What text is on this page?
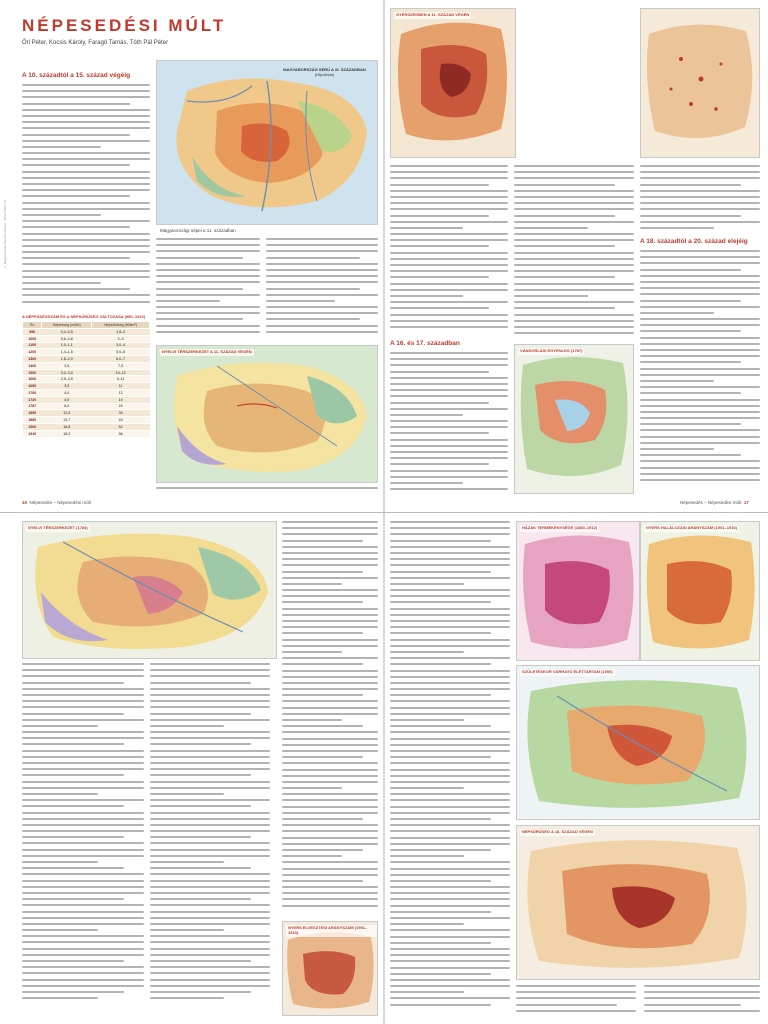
NÉPESEDÉSI MÚLT
Őri Péter, Kocsis Károly, Faragó Tamás, Tóth Pál Péter
A 10. századtól a 15. század végéig
MAGYARORSZÁG SÉRÜ A XI. SZÁZADBAN
(Hipotézis)
Magyarországi népei a 11. században
NYELVI TÉRSZERKEZET A 11. SZÁZAD VÉGÉN
A NÉPESSÉGSZÁM ÉS A NÉPSŰRŰSÉG VÁLTOZÁSA (950–1910)
Év	Népesség (millió)	Népsűrűség (fő/km²)
950	0,4–0,5	1,5–2
1000	0,6–0,8	2–3
1100	1,0–1,1	3,0–4
1200	1,4–1,5	5,0–6
1300	1,8–2,0	6,0–7
1400	2,5	7,5
1500	3,0–3,5	10–12
1600	2,5–3,5	9–11
1650	3,5	11
1700	4,0	12
1720	4,5	14
1787	8,0	24
1850	12,6	39
1880	13,7	43
1900	16,8	52
1910	18,2	56
16 Népesedés – Népesedési múlt
GYÉRSZÉGBEN A 11. SZÁZAD VÉGÉN
A 18. századtól a 20. század elejéig
A 16. és 17. században
VÁNDORLÁSI EGYENLEG (1787)
Népesedés – Népesedési múlt 17
NYELVI TÉRSZERKEZET (1784)
NYERS ELVESZTÉSI ARÁNYSZÁM (1901–1910)
HÁZAK TERMÉKENYSÉGE (1880–1912)	NYERS HALÁLOZÁSI ARÁNYSZÁM (1901–1910)
SZÜLETÉSKOR VÁRHATÓ ÉLETTARTAM (1900)
NÉPSŰRŰSÉG A 18. SZÁZAD VÉGÉN
© Magyarország Nemzeti Atlasza · MTA CSFK FTI
